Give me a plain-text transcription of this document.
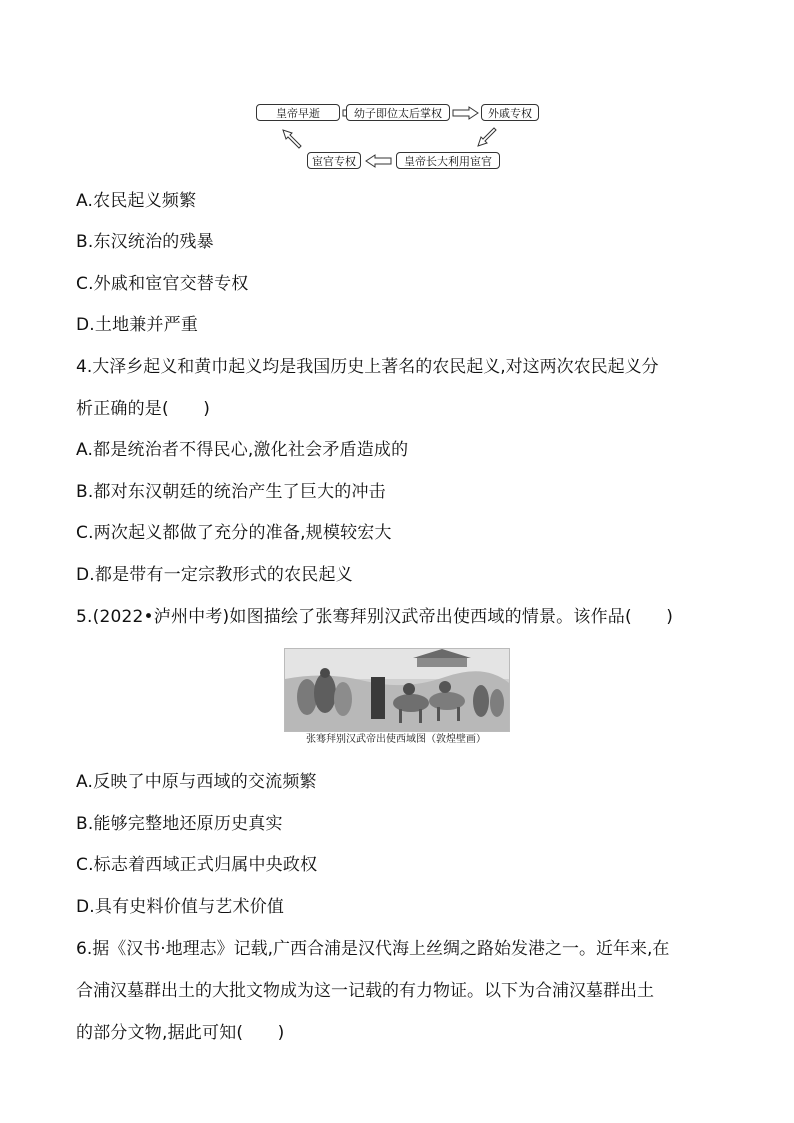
皇帝早逝	幼子即位太后掌权	外戚专权
皇帝长大利用宦官
宦官专权
A.农民起义频繁
B.东汉统治的残暴
C.外戚和宦官交替专权
D.土地兼并严重
4.大泽乡起义和黄巾起义均是我国历史上著名的农民起义,对这两次农民起义分
析正确的是(　　)
A.都是统治者不得民心,激化社会矛盾造成的
B.都对东汉朝廷的统治产生了巨大的冲击
C.两次起义都做了充分的准备,规模较宏大
D.都是带有一定宗教形式的农民起义
5.(2022•泸州中考)如图描绘了张骞拜别汉武帝出使西域的情景。该作品(　　)
张骞拜别汉武帝出使西域图（敦煌壁画）
A.反映了中原与西域的交流频繁
B.能够完整地还原历史真实
C.标志着西域正式归属中央政权
D.具有史料价值与艺术价值
6.据《汉书·地理志》记载,广西合浦是汉代海上丝绸之路始发港之一。近年来,在
合浦汉墓群出土的大批文物成为这一记载的有力物证。以下为合浦汉墓群出土
的部分文物,据此可知(　　)
